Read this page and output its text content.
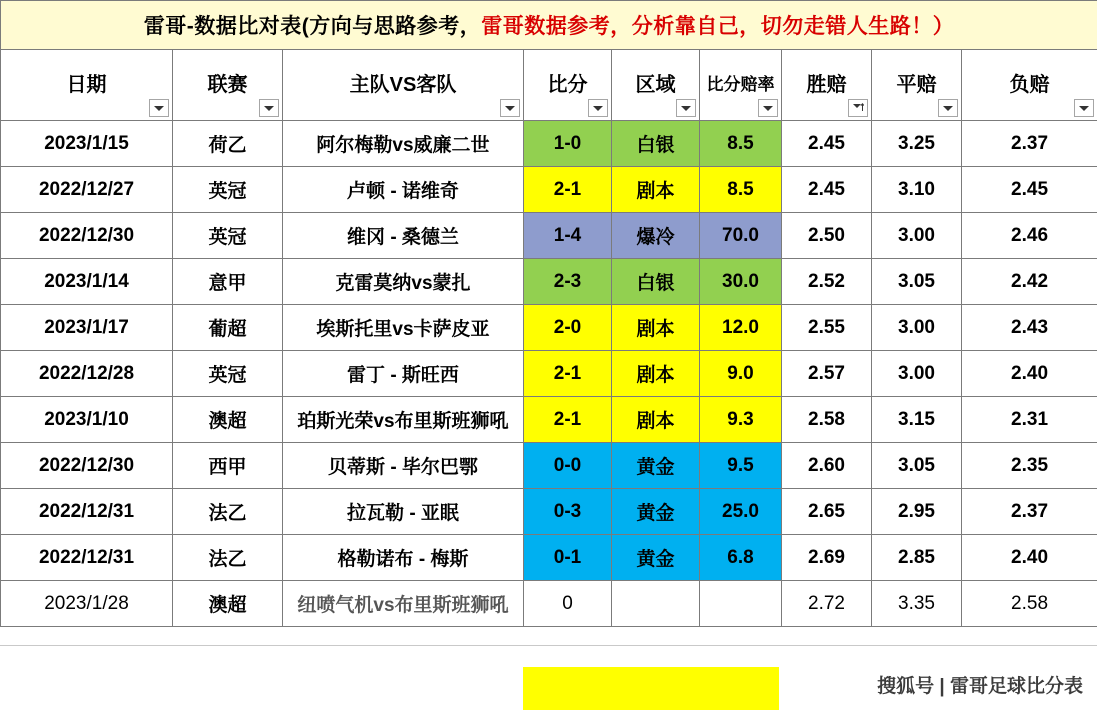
雷哥-数据比对表(方向与思路参考，雷哥数据参考，分析靠自己，切勿走错人生路！）								

日期	联赛	主队VS客队	比分	区域	比分赔率	胜赔	平赔	负赔

2023/1/15	荷乙	阿尔梅勒vs威廉二世	1-0	白银	8.5	2.45	3.25	2.37
2022/12/27	英冠	卢顿 - 诺维奇	2-1	剧本	8.5	2.45	3.10	2.45
2022/12/30	英冠	维冈 - 桑德兰	1-4	爆冷	70.0	2.50	3.00	2.46
2023/1/14	意甲	克雷莫纳vs蒙扎	2-3	白银	30.0	2.52	3.05	2.42
2023/1/17	葡超	埃斯托里vs卡萨皮亚	2-0	剧本	12.0	2.55	3.00	2.43
2022/12/28	英冠	雷丁 - 斯旺西	2-1	剧本	9.0	2.57	3.00	2.40
2023/1/10	澳超	珀斯光荣vs布里斯班狮吼	2-1	剧本	9.3	2.58	3.15	2.31
2022/12/30	西甲	贝蒂斯 - 毕尔巴鄂	0-0	黄金	9.5	2.60	3.05	2.35
2022/12/31	法乙	拉瓦勒 - 亚眠	0-3	黄金	25.0	2.65	2.95	2.37
2022/12/31	法乙	格勒诺布 - 梅斯	0-1	黄金	6.8	2.69	2.85	2.40
2023/1/28	澳超	纽喷气机vs布里斯班狮吼	0			2.72	3.35	2.58
搜狐号 | 雷哥足球比分表
